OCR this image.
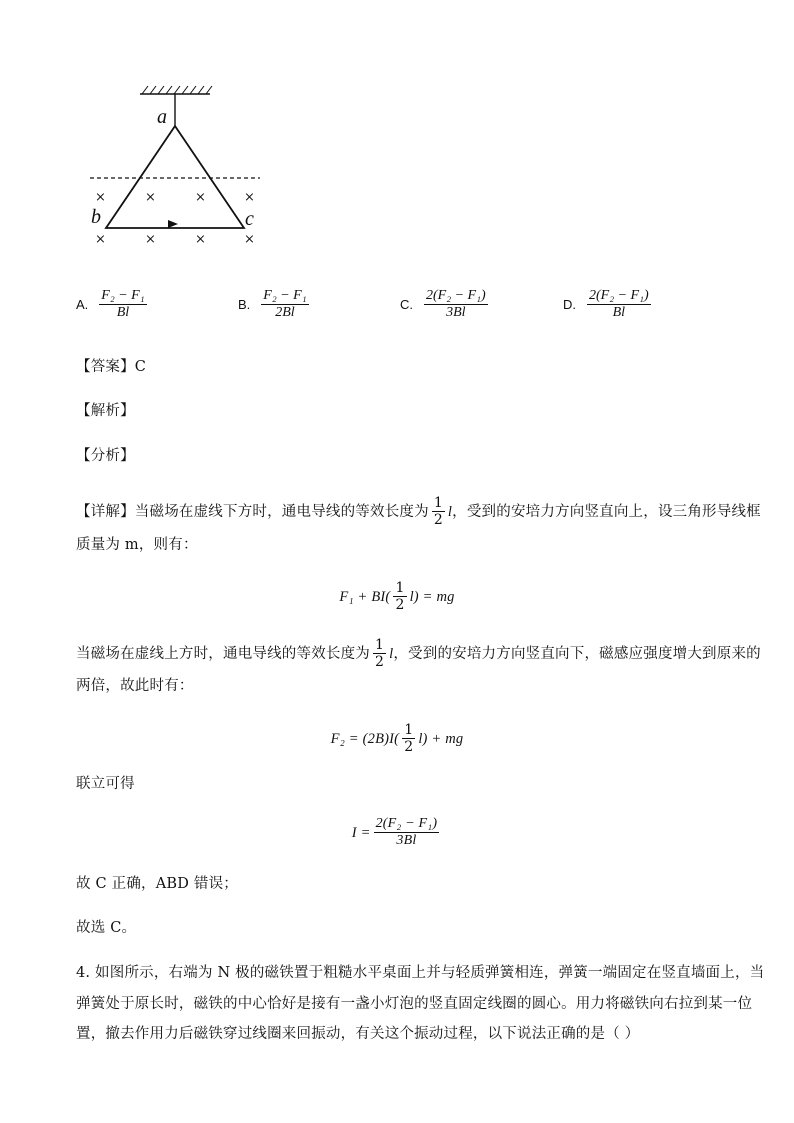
a
b	c
×	×	×	×
×	×	×	×
A. $\frac{\text{F₂ − F₁}}{Bl}$	B. $\frac{\text{F₂ − F₁}}{2Bl}$	C. $\frac{\text{2(F₂ − F₁)}}{3Bl}$	D. $\frac{\text{2(F₂ − F₁)}}{Bl}$
【答案】C
【解析】
【分析】
【详解】当磁场在虚线下方时，通电导线的等效长度为 $\frac{1}{2}$ l ，受到的安培力方向竖直向上，设三角形导线框
质量为 m，则有：
$F_1 + BI( \frac{1}{2} l)$ = mg
当磁场在虚线上方时，通电导线的等效长度为 $\frac{1}{2}$ l ，受到的安培力方向竖直向下，磁感应强度增大到原来的
两倍，故此时有：
$F_2 = (2B)I( \frac{1}{2} l)$ + mg
联立可得
$I = \frac{\text{2(F₂ − F₁)}}{3Bl}$
故 C 正确，ABD 错误；
故选 C。
4. 如图所示，右端为 N 极的磁铁置于粗糙水平桌面上并与轻质弹簧相连，弹簧一端固定在竖直墙面上，当
弹簧处于原长时，磁铁的中心恰好是接有一盏小灯泡的竖直固定线圈的圆心。用力将磁铁向右拉到某一位
置，撤去作用力后磁铁穿过线圈来回振动，有关这个振动过程，以下说法正确的是（ ）
